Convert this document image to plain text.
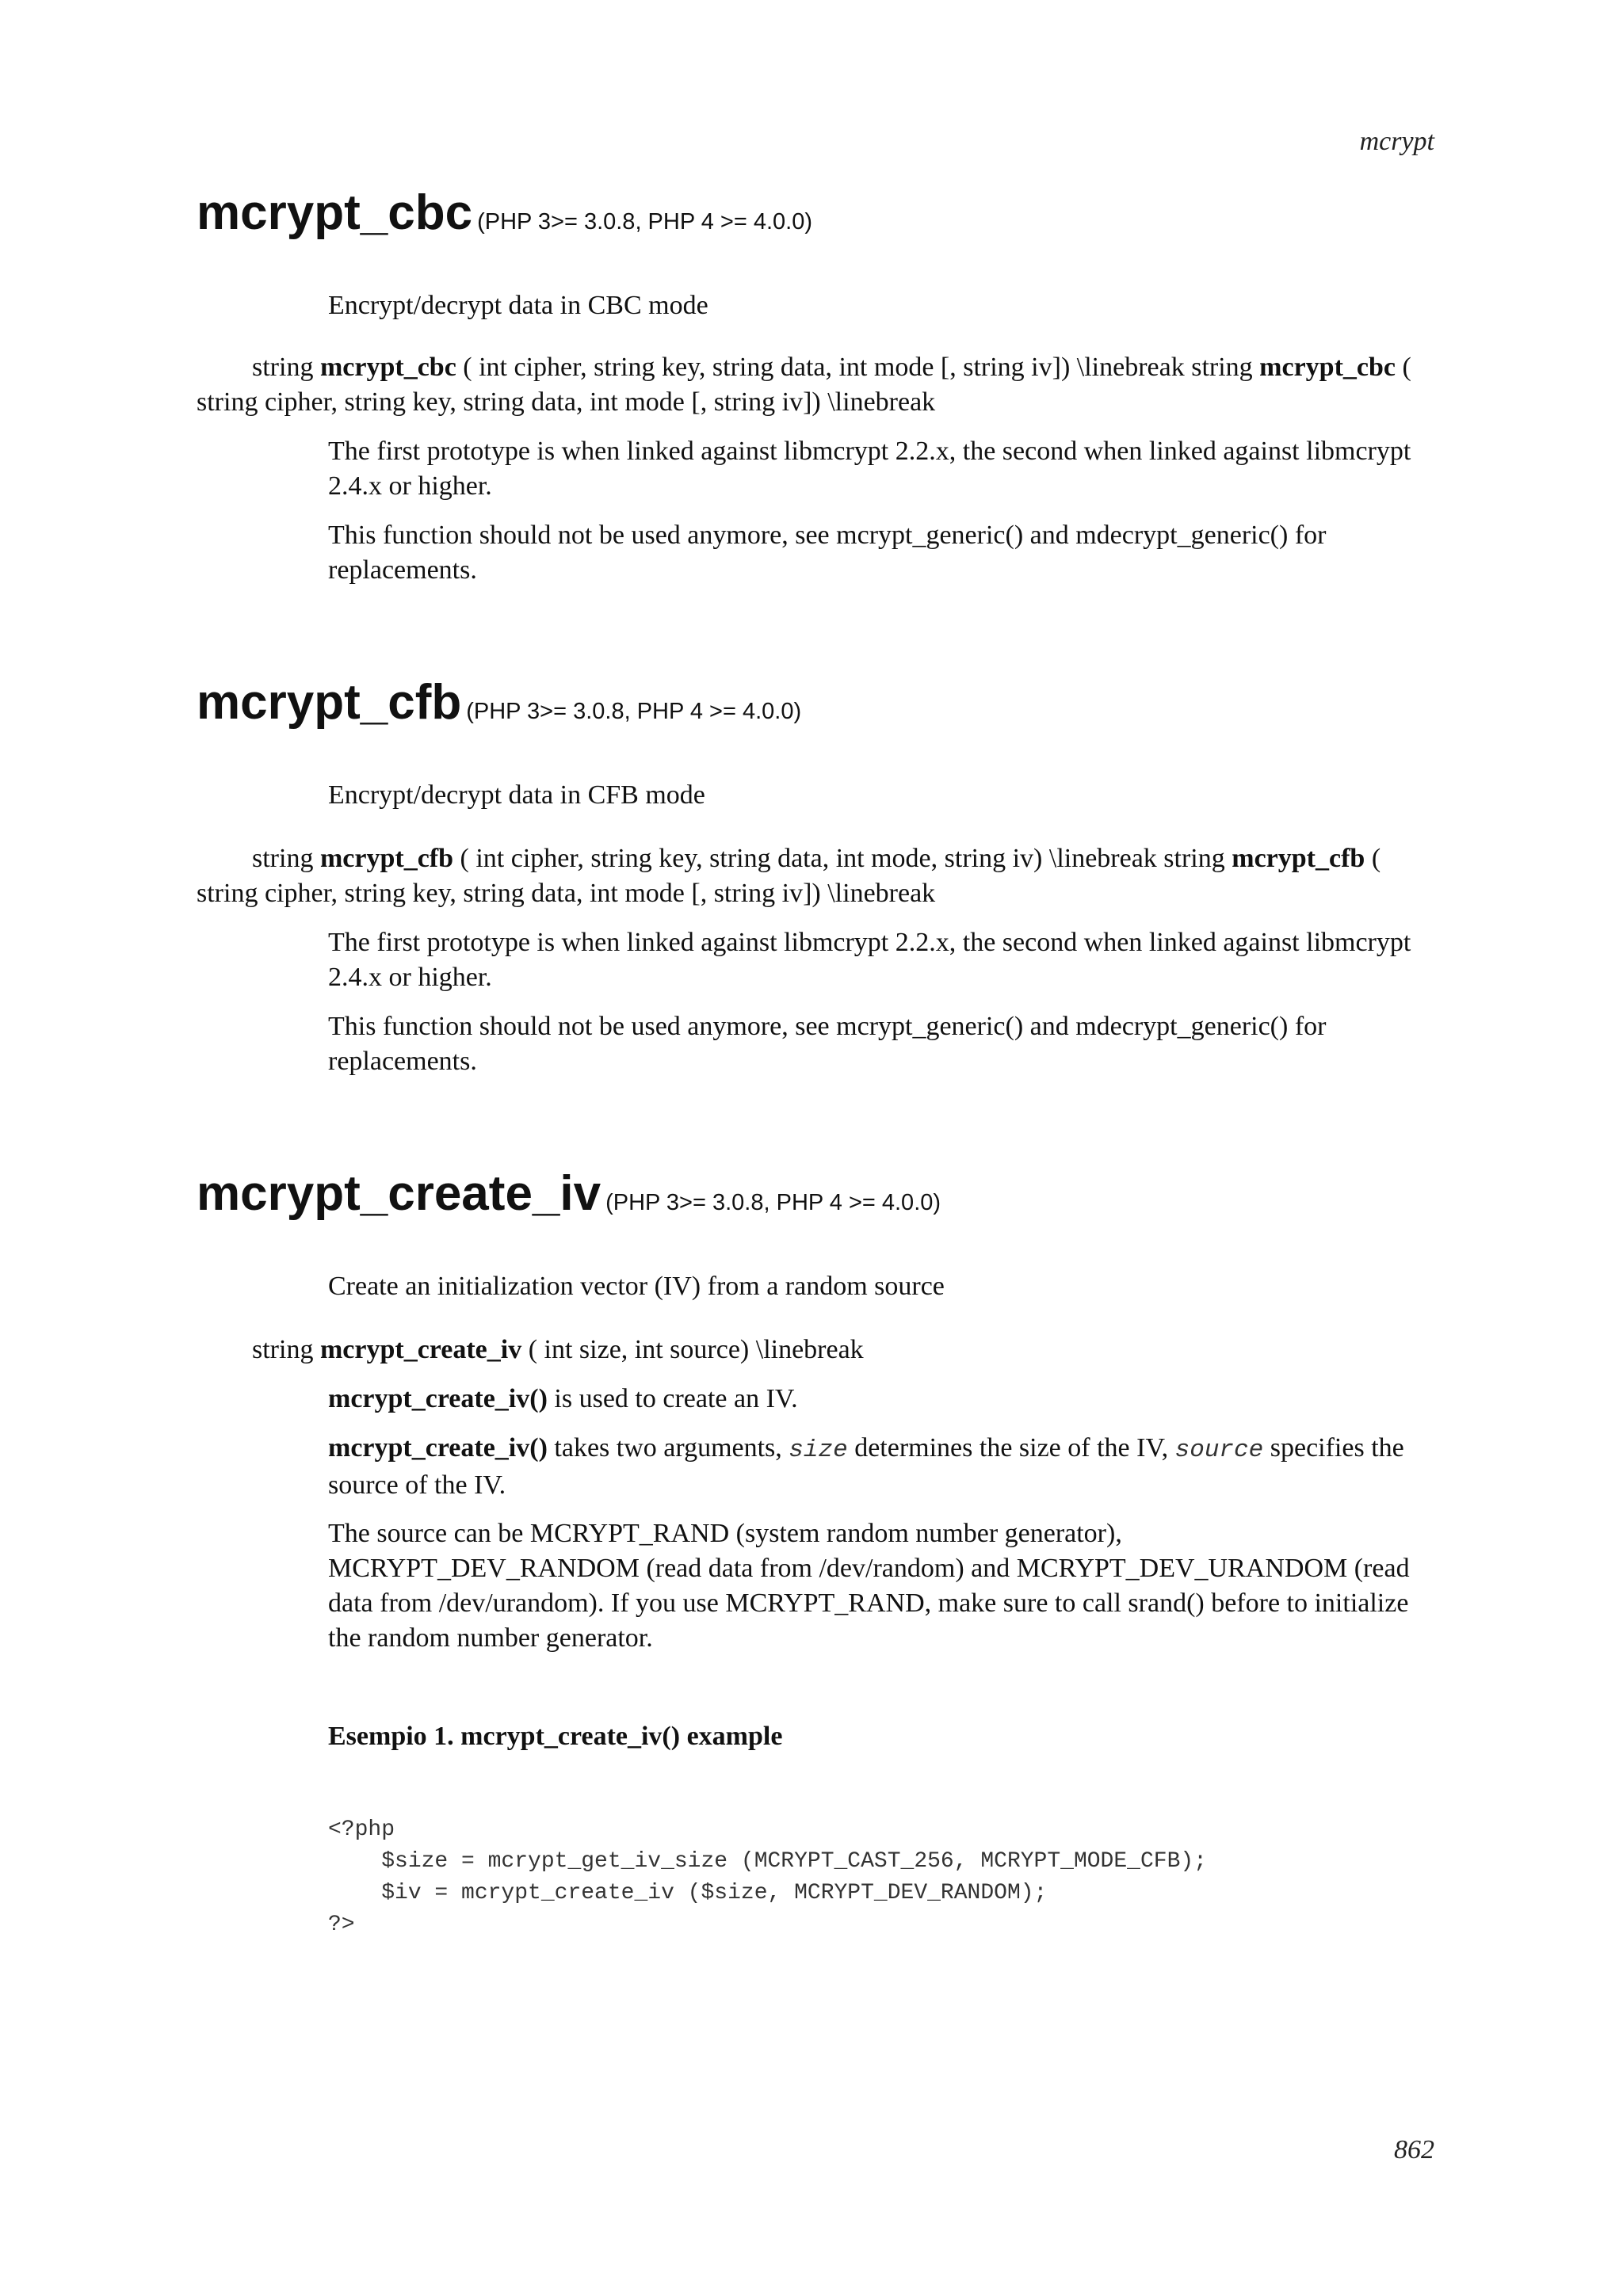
mcrypt
mcrypt_cbc (PHP 3>= 3.0.8, PHP 4 >= 4.0.0)
Encrypt/decrypt data in CBC mode
string mcrypt_cbc ( int cipher, string key, string data, int mode [, string iv]) \linebreak string mcrypt_cbc ( string cipher, string key, string data, int mode [, string iv]) \linebreak

The first prototype is when linked against libmcrypt 2.2.x, the second when linked against libmcrypt 2.4.x or higher.

This function should not be used anymore, see mcrypt_generic() and mdecrypt_generic() for replacements.

mcrypt_cfb (PHP 3>= 3.0.8, PHP 4 >= 4.0.0)
Encrypt/decrypt data in CFB mode
string mcrypt_cfb ( int cipher, string key, string data, int mode, string iv) \linebreak string mcrypt_cfb ( string cipher, string key, string data, int mode [, string iv]) \linebreak

The first prototype is when linked against libmcrypt 2.2.x, the second when linked against libmcrypt 2.4.x or higher.

This function should not be used anymore, see mcrypt_generic() and mdecrypt_generic() for replacements.

mcrypt_create_iv (PHP 3>= 3.0.8, PHP 4 >= 4.0.0)
Create an initialization vector (IV) from a random source
string mcrypt_create_iv ( int size, int source) \linebreak

mcrypt_create_iv() is used to create an IV.

mcrypt_create_iv() takes two arguments, size determines the size of the IV, source specifies the source of the IV.

The source can be MCRYPT_RAND (system random number generator), MCRYPT_DEV_RANDOM (read data from /dev/random) and MCRYPT_DEV_URANDOM (read data from /dev/urandom). If you use MCRYPT_RAND, make sure to call srand() before to initialize the random number generator.

Esempio 1. mcrypt_create_iv() example
<?php
$size = mcrypt_get_iv_size (MCRYPT_CAST_256, MCRYPT_MODE_CFB);
$iv = mcrypt_create_iv ($size, MCRYPT_DEV_RANDOM);
?>
862
